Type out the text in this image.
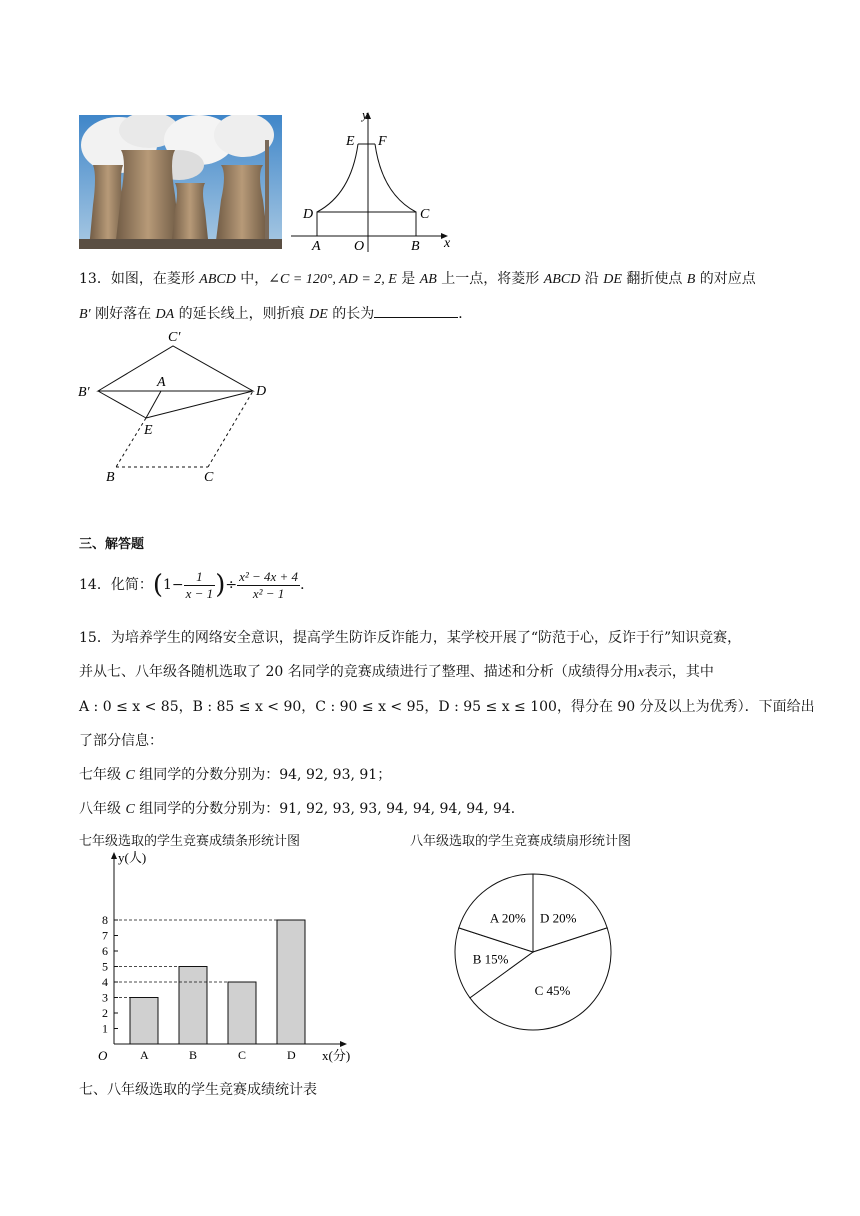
y
x
E F
D	C
A O	B
13．如图，在菱形 ABCD 中，∠C = 120°, AD = 2, E 是 AB 上一点，将菱形 ABCD 沿 DE 翻折使点 B 的对应点
B′ 刚好落在 DA 的延长线上，则折痕 DE 的长为	．
C′
B′
A
D
E
B	C
三、解答题
14．化简：($1- \frac{1}{x - 1}$ )÷ $\frac{\text{x² − 4x + 4}}{\text{x² − 1}}$ ．
15．为培养学生的网络安全意识，提高学生防诈反诈能力，某学校开展了“防范于心，反诈于行”知识竞赛，
并从七、八年级各随机选取了 20 名同学的竞赛成绩进行了整理、描述和分析（成绩得分用x表示，其中
A : 0 ≤ x < 85，B : 85 ≤ x < 90，C : 90 ≤ x < 95，D : 95 ≤ x ≤ 100，得分在 90 分及以上为优秀）．下面给出
了部分信息：
七年级 C 组同学的分数分别为：94, 92, 93, 91；
八年级 C 组同学的分数分别为：91, 92, 93, 93, 94, 94, 94, 94, 94．
七年级选取的学生竞赛成绩条形统计图	八年级选取的学生竞赛成绩扇形统计图
y(人)
x(分)
O
1
2
3
4
5
6
7
8
A	B	C	D
D 20%
C 45%
B 15%
A 20%
七、八年级选取的学生竞赛成绩统计表
